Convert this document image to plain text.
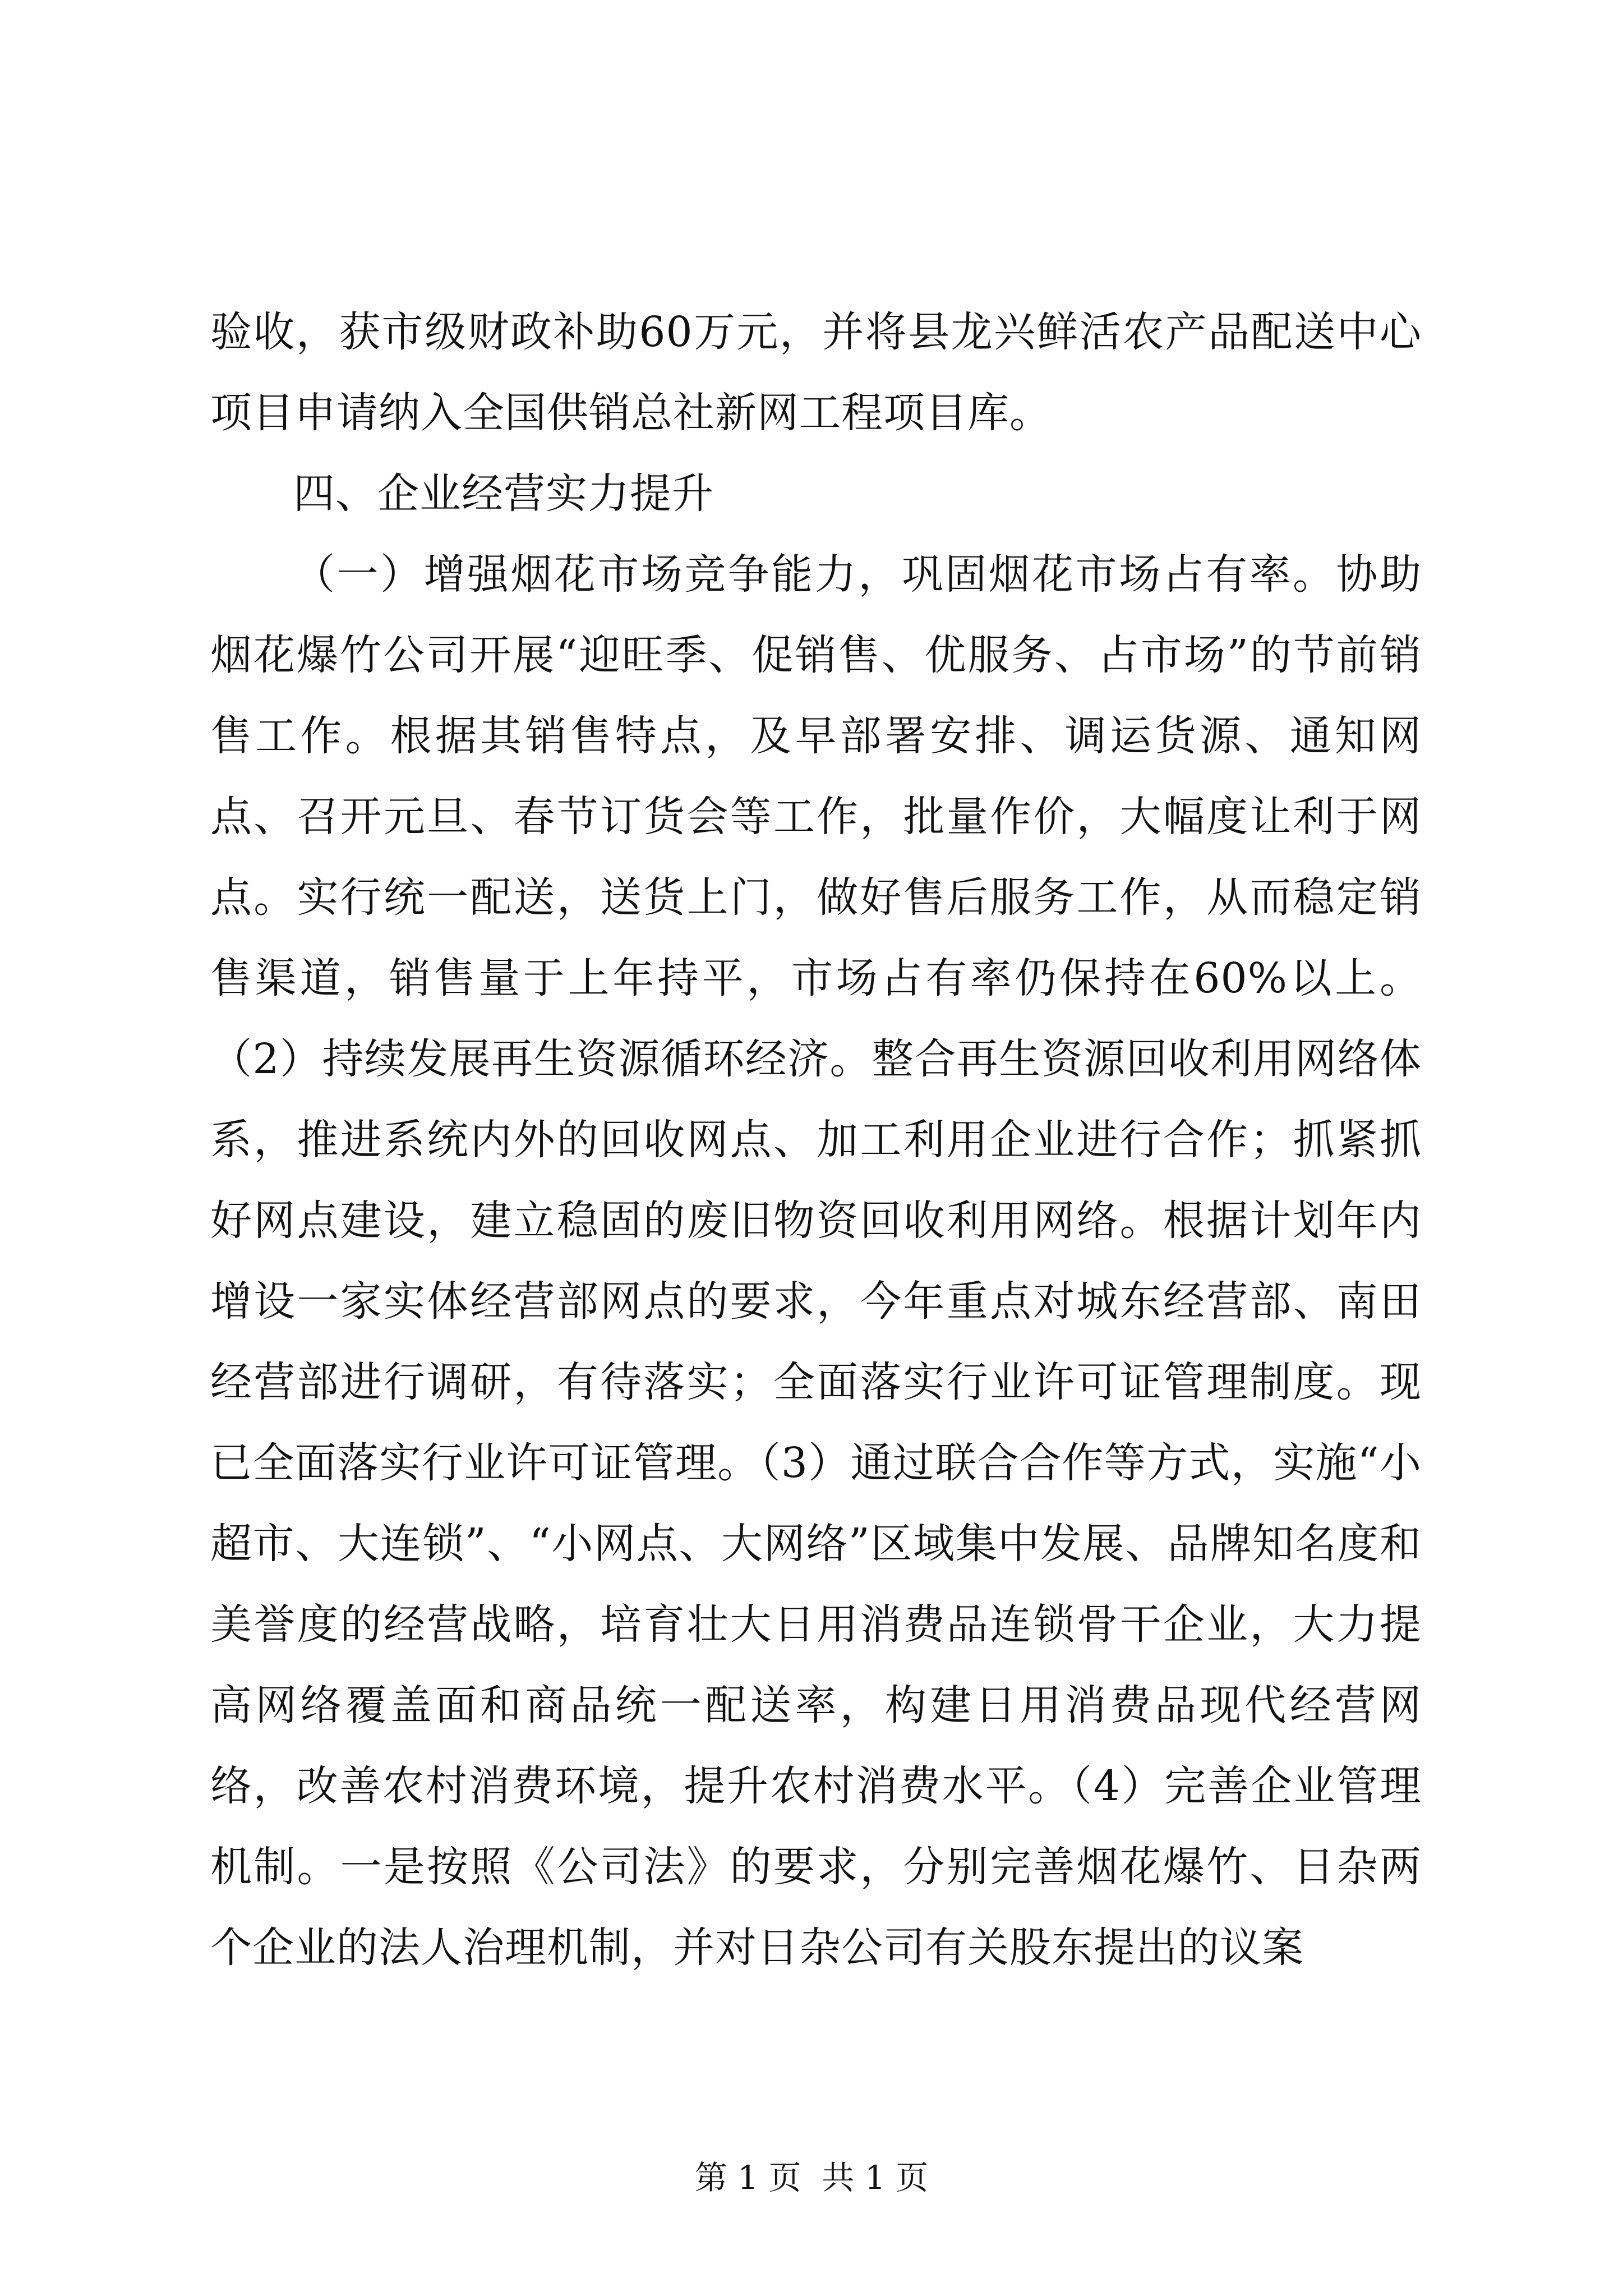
验收，获市级财政补助60万元，并将县龙兴鲜活农产品配送中心项目申请纳入全国供销总社新网工程项目库。

四、企业经营实力提升

（一）增强烟花市场竞争能力，巩固烟花市场占有率。协助烟花爆竹公司开展“迎旺季、促销售、优服务、占市场”的节前销售工作。根据其销售特点，及早部署安排、调运货源、通知网点、召开元旦、春节订货会等工作，批量作价，大幅度让利于网点。实行统一配送，送货上门，做好售后服务工作，从而稳定销售渠道，销售量于上年持平，市场占有率仍保持在60%以上。（2）持续发展再生资源循环经济。整合再生资源回收利用网络体系，推进系统内外的回收网点、加工利用企业进行合作；抓紧抓好网点建设，建立稳固的废旧物资回收利用网络。根据计划年内增设一家实体经营部网点的要求，今年重点对城东经营部、南田经营部进行调研，有待落实；全面落实行业许可证管理制度。现已全面落实行业许可证管理。（3）通过联合合作等方式，实施“小超市、大连锁”、“小网点、大网络”区域集中发展、品牌知名度和美誉度的经营战略，培育壮大日用消费品连锁骨干企业，大力提高网络覆盖面和商品统一配送率，构建日用消费品现代经营网络，改善农村消费环境，提升农村消费水平。（4）完善企业管理机制。一是按照《公司法》的要求，分别完善烟花爆竹、日杂两个企业的法人治理机制，并对日杂公司有关股东提出的议案

第 1 页  共 1 页
